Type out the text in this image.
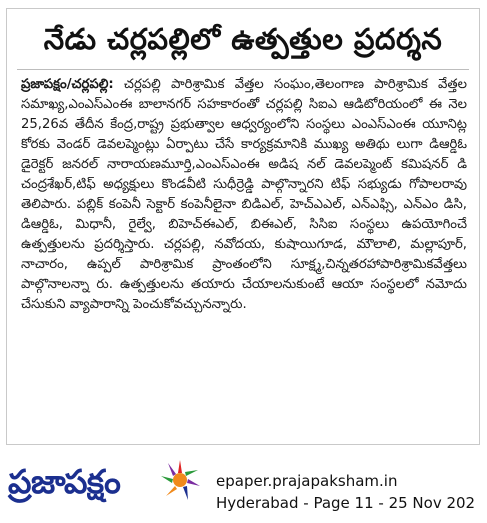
నేడు చర్లపల్లిలో ఉత్పత్తుల ప్రదర్శన
ప్రజాపక్షం/చర్లపల్లి: చర్లపల్లి పారిశ్రామిక వేత్తల సంఘం,తెలంగాణ పారిశ్రామిక వేత్తల సమాఖ్య,ఎంఎస్ఎంఈ బాలానగర్ సహకారంతో చర్లపల్లి సిఐఎ ఆడిటోరియంలో ఈ నెల 25,26వ తేదీన కేంద్ర,రాష్ట్ర ప్రభుత్వాల ఆధ్వర్యంలోని సంస్థలు ఎంఎస్ఎంఈ యూనిట్ల కోరకు వెండర్ డెవలప్మెంట్లు ఏర్పాటు చేసే కార్యక్రమానికి ముఖ్య అతిథు లుగా డిఆర్డిఓ డైరెక్టర్ జనరల్ నారాయణమూర్తి,ఎంఎస్ఎంఈ అడిష నల్ డెవలప్మెంట్ కమిషనర్ డి చంద్రశేఖర్,టిఫ్ అధ్యక్షులు కొండవీటి సుధీర్రెడ్డి పాల్గొన్నారని టిఫ్ సభ్యుడు గోపాలరావు తెలిపారు. పబ్లిక్ కంపెనీ సెక్టార్ కంపెనీలైనా బిడిఎల్, హెచ్ఎఎల్, ఎన్ఎఫ్సి, ఎన్ఎం డిసి, డిఆర్డిఓ, మిధానీ, రైల్వే, బిహెచ్ఈఎల్, బిఈఎల్, సిసిఐ సంస్థలు ఉపయోగించే ఉత్పత్తులను ప్రదర్శిస్తారు. చర్లపల్లి, నవోదయ, కుషాయిగూడ, మౌలాలి, మల్లాపూర్, నాచారం, ఉప్పల్ పారిశ్రామిక ప్రాంతంలోని సూక్ష్మ,చిన్నతరహాపారిశ్రామికవేత్తలు పాల్గొనాలన్నా రు. ఉత్పత్తులను తయారు చేయాలనుకుంటే ఆయా సంస్థలలో నమోదు చేసుకుని వ్యాపారాన్ని పెంచుకోవచ్చునన్నారు.
ప్రజాపక్షం	epaper.prajapaksham.in
Hyderabad - Page 11 - 25 Nov 202
